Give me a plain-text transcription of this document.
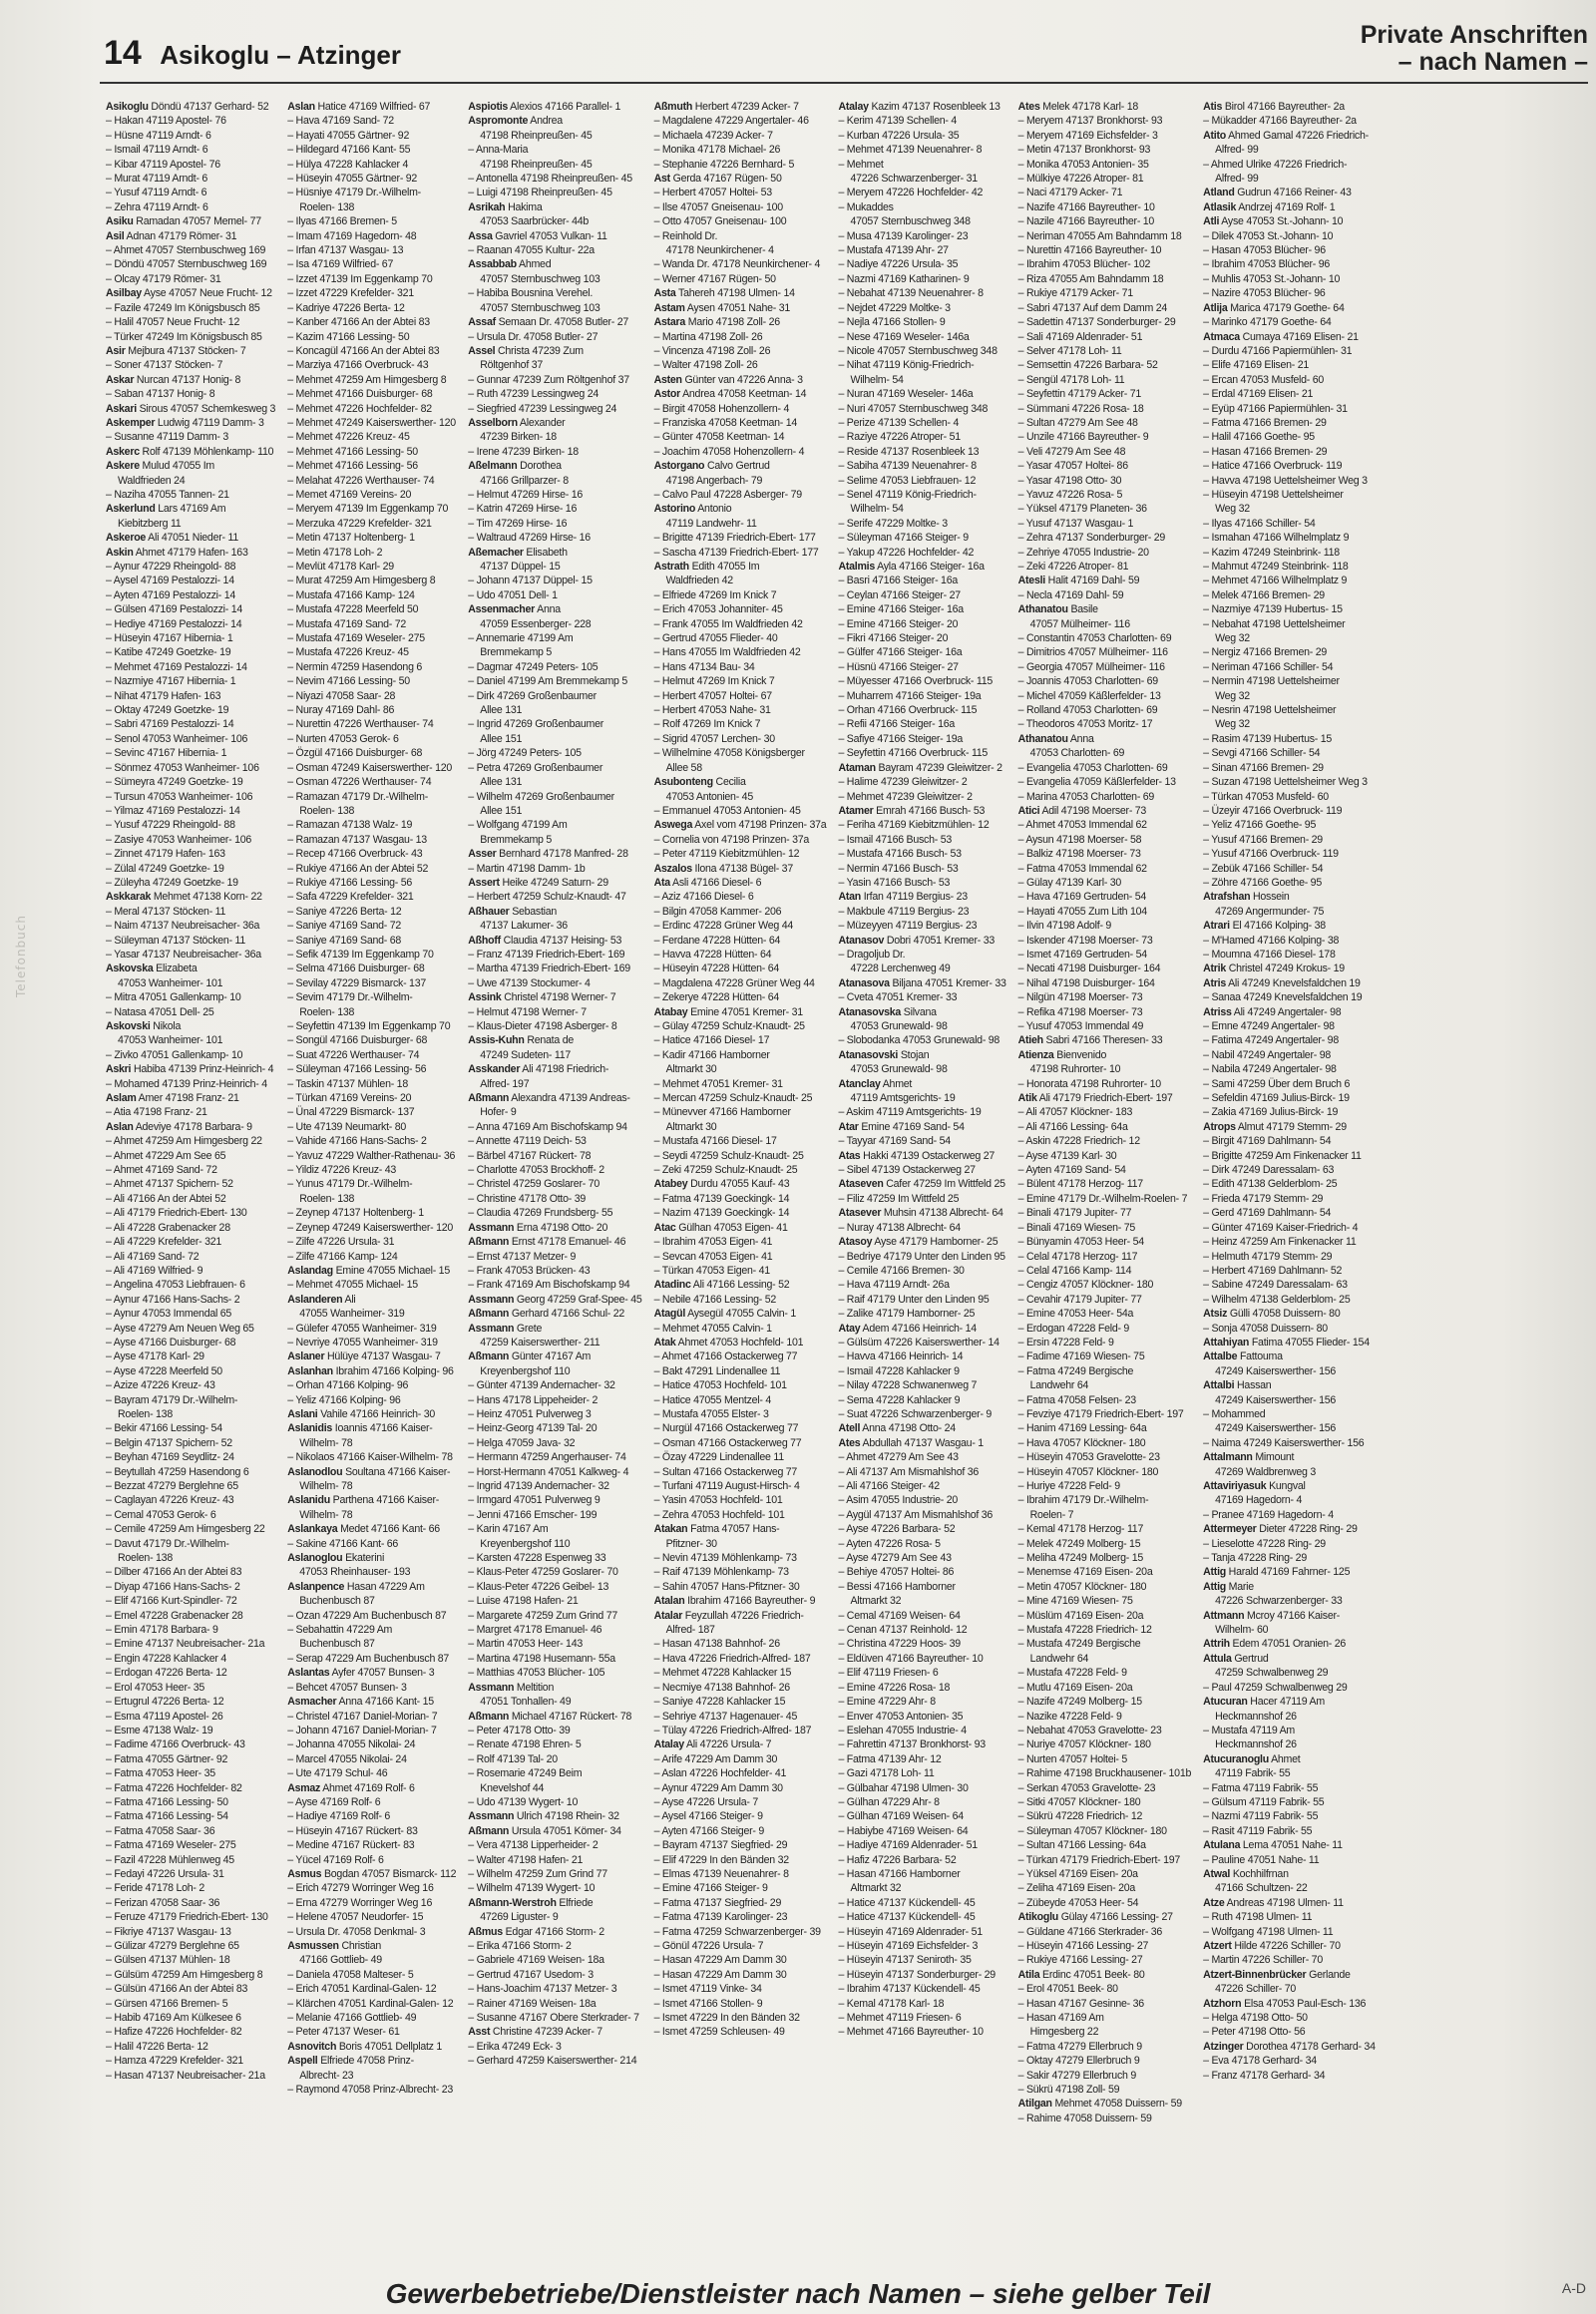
14 Asikoglu – Atzinger
Private Anschriften
– nach Namen –
Telefonbuch
Asikoglu Döndü 47137 Gerhard- 52
– Hakan 47119 Apostel- 76
– Hüsne 47119 Arndt- 6
– Ismail 47119 Arndt- 6
– Kibar 47119 Apostel- 76
– Murat 47119 Arndt- 6
– Yusuf 47119 Arndt- 6
– Zehra 47119 Arndt- 6
Asiku Ramadan 47057 Memel- 77
Asil Adnan 47179 Römer- 31
– Ahmet 47057 Sternbuschweg 169
– Döndü 47057 Sternbuschweg 169
– Olcay 47179 Römer- 31
Asilbay Ayse 47057 Neue Frucht- 12
– Fazile 47249 Im Königsbusch 85
– Halil 47057 Neue Frucht- 12
– Türker 47249 Im Königsbusch 85
Asir Mejbura 47137 Stöcken- 7
– Soner 47137 Stöcken- 7
Askar Nurcan 47137 Honig- 8
– Saban 47137 Honig- 8
Askari Sirous 47057 Schemkesweg 3
Askemper Ludwig 47119 Damm- 3
– Susanne 47119 Damm- 3
Askerc Rolf 47139 Möhlenkamp- 110
Askere Mulud 47055 Im
Waldfrieden 24
– Naziha 47055 Tannen- 21
Askerlund Lars 47169 Am
Kiebitzberg 11
Askeroe Ali 47051 Nieder- 11
Askin Ahmet 47179 Hafen- 163
– Aynur 47229 Rheingold- 88
– Aysel 47169 Pestalozzi- 14
– Ayten 47169 Pestalozzi- 14
– Gülsen 47169 Pestalozzi- 14
– Hediye 47169 Pestalozzi- 14
– Hüseyin 47167 Hibernia- 1
– Katibe 47249 Goetzke- 19
– Mehmet 47169 Pestalozzi- 14
– Nazmiye 47167 Hibernia- 1
– Nihat 47179 Hafen- 163
– Oktay 47249 Goetzke- 19
– Sabri 47169 Pestalozzi- 14
– Senol 47053 Wanheimer- 106
– Sevinc 47167 Hibernia- 1
– Sönmez 47053 Wanheimer- 106
– Sümeyra 47249 Goetzke- 19
– Tursun 47053 Wanheimer- 106
– Yilmaz 47169 Pestalozzi- 14
– Yusuf 47229 Rheingold- 88
– Zasiye 47053 Wanheimer- 106
– Zinnet 47179 Hafen- 163
– Zülal 47249 Goetzke- 19
– Züleyha 47249 Goetzke- 19
Askkarak Mehmet 47138 Korn- 22
– Meral 47137 Stöcken- 11
– Naim 47137 Neubreisacher- 36a
– Süleyman 47137 Stöcken- 11
– Yasar 47137 Neubreisacher- 36a
Askovska Elizabeta
47053 Wanheimer- 101
– Mitra 47051 Gallenkamp- 10
– Natasa 47051 Dell- 25
Askovski Nikola
47053 Wanheimer- 101
– Zivko 47051 Gallenkamp- 10
Askri Habiba 47139 Prinz-Heinrich- 4
– Mohamed 47139 Prinz-Heinrich- 4
Aslam Amer 47198 Franz- 21
– Atia 47198 Franz- 21
Aslan Adeviye 47178 Barbara- 9
– Ahmet 47259 Am Himgesberg 22
– Ahmet 47229 Am See 65
– Ahmet 47169 Sand- 72
– Ahmet 47137 Spichern- 52
– Ali 47166 An der Abtei 52
– Ali 47179 Friedrich-Ebert- 130
– Ali 47228 Grabenacker 28
– Ali 47229 Krefelder- 321
– Ali 47169 Sand- 72
– Ali 47169 Wilfried- 9
– Angelina 47053 Liebfrauen- 6
– Aynur 47166 Hans-Sachs- 2
– Aynur 47053 Immendal 65
– Ayse 47279 Am Neuen Weg 65
– Ayse 47166 Duisburger- 68
– Ayse 47178 Karl- 29
– Ayse 47228 Meerfeld 50
– Azize 47226 Kreuz- 43
– Bayram 47179 Dr.-Wilhelm-
Roelen- 138
– Bekir 47166 Lessing- 54
– Belgin 47137 Spichern- 52
– Beyhan 47169 Seydlitz- 24
– Beytullah 47259 Hasendong 6
– Bezzat 47279 Berglehne 65
– Caglayan 47226 Kreuz- 43
– Cemal 47053 Gerok- 6
– Cemile 47259 Am Himgesberg 22
– Davut 47179 Dr.-Wilhelm-
Roelen- 138
– Dilber 47166 An der Abtei 83
– Diyap 47166 Hans-Sachs- 2
– Elif 47166 Kurt-Spindler- 72
– Emel 47228 Grabenacker 28
– Emin 47178 Barbara- 9
– Emine 47137 Neubreisacher- 21a
– Engin 47228 Kahlacker 4
– Erdogan 47226 Berta- 12
– Erol 47053 Heer- 35
– Ertugrul 47226 Berta- 12
– Esma 47119 Apostel- 26
– Esme 47138 Walz- 19
– Fadime 47166 Overbruck- 43
– Fatma 47055 Gärtner- 92
– Fatma 47053 Heer- 35
– Fatma 47226 Hochfelder- 82
– Fatma 47166 Lessing- 50
– Fatma 47166 Lessing- 54
– Fatma 47058 Saar- 36
– Fatma 47169 Weseler- 275
– Fazil 47228 Mühlenweg 45
– Fedayi 47226 Ursula- 31
– Feride 47178 Loh- 2
– Ferizan 47058 Saar- 36
– Feruze 47179 Friedrich-Ebert- 130
– Fikriye 47137 Wasgau- 13
– Gülizar 47279 Berglehne 65
– Gülsen 47137 Mühlen- 18
– Gülsüm 47259 Am Himgesberg 8
– Gülsün 47166 An der Abtei 83
– Gürsen 47166 Bremen- 5
– Habib 47169 Am Külkesee 6
– Hafize 47226 Hochfelder- 82
– Halil 47226 Berta- 12
– Hamza 47229 Krefelder- 321
– Hasan 47137 Neubreisacher- 21a
Aslan Hatice 47169 Wilfried- 67
– Hava 47169 Sand- 72
– Hayati 47055 Gärtner- 92
– Hildegard 47166 Kant- 55
– Hülya 47228 Kahlacker 4
– Hüseyin 47055 Gärtner- 92
– Hüsniye 47179 Dr.-Wilhelm-
Roelen- 138
– Ilyas 47166 Bremen- 5
– Imam 47169 Hagedorn- 48
– Irfan 47137 Wasgau- 13
– Isa 47169 Wilfried- 67
– Izzet 47139 Im Eggenkamp 70
– Izzet 47229 Krefelder- 321
– Kadriye 47226 Berta- 12
– Kanber 47166 An der Abtei 83
– Kazim 47166 Lessing- 50
– Koncagül 47166 An der Abtei 83
– Marziya 47166 Overbruck- 43
– Mehmet 47259 Am Himgesberg 8
– Mehmet 47166 Duisburger- 68
– Mehmet 47226 Hochfelder- 82
– Mehmet 47249 Kaiserswerther- 120
– Mehmet 47226 Kreuz- 45
– Mehmet 47166 Lessing- 50
– Mehmet 47166 Lessing- 56
– Melahat 47226 Werthauser- 74
– Memet 47169 Vereins- 20
– Meryem 47139 Im Eggenkamp 70
– Merzuka 47229 Krefelder- 321
– Metin 47137 Holtenberg- 1
– Metin 47178 Loh- 2
– Mevlüt 47178 Karl- 29
– Murat 47259 Am Himgesberg 8
– Mustafa 47166 Kamp- 124
– Mustafa 47228 Meerfeld 50
– Mustafa 47169 Sand- 72
– Mustafa 47169 Weseler- 275
– Mustafa 47226 Kreuz- 45
– Nermin 47259 Hasendong 6
– Nevim 47166 Lessing- 50
– Niyazi 47058 Saar- 28
– Nuray 47169 Dahl- 86
– Nurettin 47226 Werthauser- 74
– Nurten 47053 Gerok- 6
– Özgül 47166 Duisburger- 68
– Osman 47249 Kaiserswerther- 120
– Osman 47226 Werthauser- 74
– Ramazan 47179 Dr.-Wilhelm-
Roelen- 138
– Ramazan 47138 Walz- 19
– Ramazan 47137 Wasgau- 13
– Recep 47166 Overbruck- 43
– Rukiye 47166 An der Abtei 52
– Rukiye 47166 Lessing- 56
– Safa 47229 Krefelder- 321
– Saniye 47226 Berta- 12
– Saniye 47169 Sand- 72
– Saniye 47169 Sand- 68
– Sefik 47139 Im Eggenkamp 70
– Selma 47166 Duisburger- 68
– Sevilay 47229 Bismarck- 137
– Sevim 47179 Dr.-Wilhelm-
Roelen- 138
– Seyfettin 47139 Im Eggenkamp 70
– Songül 47166 Duisburger- 68
– Suat 47226 Werthauser- 74
– Süleyman 47166 Lessing- 56
– Taskin 47137 Mühlen- 18
– Türkan 47169 Vereins- 20
– Ünal 47229 Bismarck- 137
– Ute 47139 Neumarkt- 80
– Vahide 47166 Hans-Sachs- 2
– Yavuz 47229 Walther-Rathenau- 36
– Yildiz 47226 Kreuz- 43
– Yunus 47179 Dr.-Wilhelm-
Roelen- 138
– Zeynep 47137 Holtenberg- 1
– Zeynep 47249 Kaiserswerther- 120
– Zilfe 47226 Ursula- 31
– Zilfe 47166 Kamp- 124
Aslandag Emine 47055 Michael- 15
– Mehmet 47055 Michael- 15
Aslanderen Ali
47055 Wanheimer- 319
– Gülefer 47055 Wanheimer- 319
– Nevriye 47055 Wanheimer- 319
Aslaner Hülüye 47137 Wasgau- 7
Aslanhan Ibrahim 47166 Kolping- 96
– Orhan 47166 Kolping- 96
– Yeliz 47166 Kolping- 96
Aslani Vahile 47166 Heinrich- 30
Aslanidis Ioannis 47166 Kaiser-
Wilhelm- 78
– Nikolaos 47166 Kaiser-Wilhelm- 78
Aslanodlou Soultana 47166 Kaiser-
Wilhelm- 78
Aslanidu Parthena 47166 Kaiser-
Wilhelm- 78
Aslankaya Medet 47166 Kant- 66
– Sakine 47166 Kant- 66
Aslanoglou Ekaterini
47053 Rheinhauser- 193
Aslanpence Hasan 47229 Am
Buchenbusch 87
– Ozan 47229 Am Buchenbusch 87
– Sebahattin 47229 Am
Buchenbusch 87
– Serap 47229 Am Buchenbusch 87
Aslantas Ayfer 47057 Bunsen- 3
– Behcet 47057 Bunsen- 3
Asmacher Anna 47166 Kant- 15
– Christel 47167 Daniel-Morian- 7
– Johann 47167 Daniel-Morian- 7
– Johanna 47055 Nikolai- 24
– Marcel 47055 Nikolai- 24
– Ute 47179 Schul- 46
Asmaz Ahmet 47169 Rolf- 6
– Ayse 47169 Rolf- 6
– Hadiye 47169 Rolf- 6
– Hüseyin 47167 Rückert- 83
– Medine 47167 Rückert- 83
– Yücel 47169 Rolf- 6
Asmus Bogdan 47057 Bismarck- 112
– Erich 47279 Worringer Weg 16
– Erna 47279 Worringer Weg 16
– Helene 47057 Neudorfer- 15
– Ursula Dr. 47058 Denkmal- 3
Asmussen Christian
47166 Gottlieb- 49
– Daniela 47058 Malteser- 5
– Erich 47051 Kardinal-Galen- 12
– Klärchen 47051 Kardinal-Galen- 12
– Melanie 47166 Gottlieb- 49
– Peter 47137 Weser- 61
Asnovitch Boris 47051 Dellplatz 1
Aspell Elfriede 47058 Prinz-
Albrecht- 23
– Raymond 47058 Prinz-Albrecht- 23
Aspiotis Alexios 47166 Parallel- 1
Aspromonte Andrea
47198 Rheinpreußen- 45
– Anna-Maria
47198 Rheinpreußen- 45
– Antonella 47198 Rheinpreußen- 45
– Luigi 47198 Rheinpreußen- 45
Asrikah Hakima
47053 Saarbrücker- 44b
Assa Gavriel 47053 Vulkan- 11
– Raanan 47055 Kultur- 22a
Assabbab Ahmed
47057 Sternbuschweg 103
– Habiba Bousnina Verehel.
47057 Sternbuschweg 103
Assaf Semaan Dr. 47058 Butler- 27
– Ursula Dr. 47058 Butler- 27
Assel Christa 47239 Zum
Röltgenhof 37
– Gunnar 47239 Zum Röltgenhof 37
– Ruth 47239 Lessingweg 24
– Siegfried 47239 Lessingweg 24
Asselborn Alexander
47239 Birken- 18
– Irene 47239 Birken- 18
Aßelmann Dorothea
47166 Grillparzer- 8
– Helmut 47269 Hirse- 16
– Katrin 47269 Hirse- 16
– Tim 47269 Hirse- 16
– Waltraud 47269 Hirse- 16
Aßemacher Elisabeth
47137 Düppel- 15
– Johann 47137 Düppel- 15
– Udo 47051 Dell- 1
Assenmacher Anna
47059 Essenberger- 228
– Annemarie 47199 Am
Bremmekamp 5
– Dagmar 47249 Peters- 105
– Daniel 47199 Am Bremmekamp 5
– Dirk 47269 Großenbaumer
Allee 131
– Ingrid 47269 Großenbaumer
Allee 151
– Jörg 47249 Peters- 105
– Petra 47269 Großenbaumer
Allee 131
– Wilhelm 47269 Großenbaumer
Allee 151
– Wolfgang 47199 Am
Bremmekamp 5
Asser Bernhard 47178 Manfred- 28
– Martin 47198 Damm- 1b
Assert Heike 47249 Saturn- 29
– Herbert 47259 Schulz-Knaudt- 47
Aßhauer Sebastian
47137 Lakumer- 36
Aßhoff Claudia 47137 Heising- 53
– Franz 47139 Friedrich-Ebert- 169
– Martha 47139 Friedrich-Ebert- 169
– Uwe 47139 Stockumer- 4
Assink Christel 47198 Werner- 7
– Helmut 47198 Werner- 7
– Klaus-Dieter 47198 Asberger- 8
Assis-Kuhn Renata de
47249 Sudeten- 117
Asskander Ali 47198 Friedrich-
Alfred- 197
Aßmann Alexandra 47139 Andreas-
Hofer- 9
– Anna 47169 Am Bischofskamp 94
– Annette 47119 Deich- 53
– Bärbel 47167 Rückert- 78
– Charlotte 47053 Brockhoff- 2
– Christel 47259 Goslarer- 70
– Christine 47178 Otto- 39
– Claudia 47269 Frundsberg- 55
Assmann Erna 47198 Otto- 20
Aßmann Ernst 47178 Emanuel- 46
– Ernst 47137 Metzer- 9
– Frank 47053 Brücken- 43
– Frank 47169 Am Bischofskamp 94
Assmann Georg 47259 Graf-Spee- 45
Aßmann Gerhard 47166 Schul- 22
Assmann Grete
47259 Kaiserswerther- 211
Aßmann Günter 47167 Am
Kreyenbergshof 110
– Günter 47139 Andernacher- 32
– Hans 47178 Lippeheider- 2
– Heinz 47051 Pulverweg 3
– Heinz-Georg 47139 Tal- 20
– Helga 47059 Java- 32
– Hermann 47259 Angerhauser- 74
– Horst-Hermann 47051 Kalkweg- 4
– Ingrid 47139 Andernacher- 32
– Irmgard 47051 Pulverweg 9
– Jenni 47166 Emscher- 199
– Karin 47167 Am
Kreyenbergshof 110
– Karsten 47228 Espenweg 33
– Klaus-Peter 47259 Goslarer- 70
– Klaus-Peter 47226 Geibel- 13
– Luise 47198 Hafen- 21
– Margarete 47259 Zum Grind 77
– Margret 47178 Emanuel- 46
– Martin 47053 Heer- 143
– Martina 47198 Husemann- 55a
– Matthias 47053 Blücher- 105
Assmann Meltition
47051 Tonhallen- 49
Aßmann Michael 47167 Rückert- 78
– Peter 47178 Otto- 39
– Renate 47198 Ehren- 5
– Rolf 47139 Tal- 20
– Rosemarie 47249 Beim
Knevelshof 44
– Udo 47139 Wygert- 10
Assmann Ulrich 47198 Rhein- 32
Aßmann Ursula 47051 Kömer- 34
– Vera 47138 Lipperheider- 2
– Walter 47198 Hafen- 21
– Wilhelm 47259 Zum Grind 77
– Wilhelm 47139 Wygert- 10
Aßmann-Werstroh Elfriede
47269 Liguster- 9
Aßmus Edgar 47166 Storm- 2
– Erika 47166 Storm- 2
– Gabriele 47169 Weisen- 18a
– Gertrud 47167 Usedom- 3
– Hans-Joachim 47137 Metzer- 3
– Rainer 47169 Weisen- 18a
– Susanne 47167 Obere Sterkrader- 7
Asst Christine 47239 Acker- 7
– Erika 47249 Eck- 3
– Gerhard 47259 Kaiserswerther- 214
Aßmuth Herbert 47239 Acker- 7
– Magdalene 47229 Angertaler- 46
– Michaela 47239 Acker- 7
– Monika 47178 Michael- 26
– Stephanie 47226 Bernhard- 5
Ast Gerda 47167 Rügen- 50
– Herbert 47057 Holtei- 53
– Ilse 47057 Gneisenau- 100
– Otto 47057 Gneisenau- 100
– Reinhold Dr.
47178 Neunkirchener- 4
– Wanda Dr. 47178 Neunkirchener- 4
– Werner 47167 Rügen- 50
Asta Tahereh 47198 Ulmen- 14
Astam Aysen 47051 Nahe- 31
Astara Mario 47198 Zoll- 26
– Martina 47198 Zoll- 26
– Vincenza 47198 Zoll- 26
– Walter 47198 Zoll- 26
Asten Günter van 47226 Anna- 3
Astor Andrea 47058 Keetman- 14
– Birgit 47058 Hohenzollern- 4
– Franziska 47058 Keetman- 14
– Günter 47058 Keetman- 14
– Joachim 47058 Hohenzollern- 4
Astorgano Calvo Gertrud
47198 Angerbach- 79
– Calvo Paul 47228 Asberger- 79
Astorino Antonio
47119 Landwehr- 11
– Brigitte 47139 Friedrich-Ebert- 177
– Sascha 47139 Friedrich-Ebert- 177
Astrath Edith 47055 Im
Waldfrieden 42
– Elfriede 47269 Im Knick 7
– Erich 47053 Johanniter- 45
– Frank 47055 Im Waldfrieden 42
– Gertrud 47055 Flieder- 40
– Hans 47055 Im Waldfrieden 42
– Hans 47134 Bau- 34
– Helmut 47269 Im Knick 7
– Herbert 47057 Holtei- 67
– Herbert 47053 Nahe- 31
– Rolf 47269 Im Knick 7
– Sigrid 47057 Lerchen- 30
– Wilhelmine 47058 Königsberger
Allee 58
Asubonteng Cecilia
47053 Antonien- 45
– Emmanuel 47053 Antonien- 45
Aswega Axel vom 47198 Prinzen- 37a
– Cornelia von 47198 Prinzen- 37a
– Peter 47119 Kiebitzmühlen- 12
Aszalos Ilona 47138 Bügel- 37
Ata Asli 47166 Diesel- 6
– Aziz 47166 Diesel- 6
– Bilgin 47058 Kammer- 206
– Erdinc 47228 Grüner Weg 44
– Ferdane 47228 Hütten- 64
– Havva 47228 Hütten- 64
– Hüseyin 47228 Hütten- 64
– Magdalena 47228 Grüner Weg 44
– Zekerye 47228 Hütten- 64
Atabay Emine 47051 Kremer- 31
– Gülay 47259 Schulz-Knaudt- 25
– Hatice 47166 Diesel- 17
– Kadir 47166 Hamborner
Altmarkt 30
– Mehmet 47051 Kremer- 31
– Mercan 47259 Schulz-Knaudt- 25
– Münevver 47166 Hamborner
Altmarkt 30
– Mustafa 47166 Diesel- 17
– Seydi 47259 Schulz-Knaudt- 25
– Zeki 47259 Schulz-Knaudt- 25
Atabey Durdu 47055 Kauf- 43
– Fatma 47139 Goeckingk- 14
– Nazim 47139 Goeckingk- 14
Atac Gülhan 47053 Eigen- 41
– Ibrahim 47053 Eigen- 41
– Sevcan 47053 Eigen- 41
– Türkan 47053 Eigen- 41
Atadinc Ali 47166 Lessing- 52
– Nebile 47166 Lessing- 52
Atagül Aysegül 47055 Calvin- 1
– Mehmet 47055 Calvin- 1
Atak Ahmet 47053 Hochfeld- 101
– Ahmet 47166 Ostackerweg 77
– Bakt 47291 Lindenallee 11
– Hatice 47053 Hochfeld- 101
– Hatice 47055 Mentzel- 4
– Mustafa 47055 Elster- 3
– Nurgül 47166 Ostackerweg 77
– Osman 47166 Ostackerweg 77
– Özay 47229 Lindenallee 11
– Sultan 47166 Ostackerweg 77
– Turfani 47119 August-Hirsch- 4
– Yasin 47053 Hochfeld- 101
– Zehra 47053 Hochfeld- 101
Atakan Fatma 47057 Hans-
Pfitzner- 30
– Nevin 47139 Möhlenkamp- 73
– Raif 47139 Möhlenkamp- 73
– Sahin 47057 Hans-Pfitzner- 30
Atalan Ibrahim 47166 Bayreuther- 9
Atalar Feyzullah 47226 Friedrich-
Alfred- 187
– Hasan 47138 Bahnhof- 26
– Hava 47226 Friedrich-Alfred- 187
– Mehmet 47228 Kahlacker 15
– Necmiye 47138 Bahnhof- 26
– Saniye 47228 Kahlacker 15
– Sehriye 47137 Hagenauer- 45
– Tülay 47226 Friedrich-Alfred- 187
Atalay Ali 47226 Ursula- 7
– Arife 47229 Am Damm 30
– Aslan 47226 Hochfelder- 41
– Aynur 47229 Am Damm 30
– Ayse 47226 Ursula- 7
– Aysel 47166 Steiger- 9
– Ayten 47166 Steiger- 9
– Bayram 47137 Siegfried- 29
– Elif 47229 In den Bänden 32
– Elmas 47139 Neuenahrer- 8
– Emine 47166 Steiger- 9
– Fatma 47137 Siegfried- 29
– Fatma 47139 Karolinger- 23
– Fatma 47259 Schwarzenberger- 39
– Gönül 47226 Ursula- 7
– Hasan 47229 Am Damm 30
– Hasan 47229 Am Damm 30
– Ismet 47119 Vinke- 34
– Ismet 47166 Stollen- 9
– Ismet 47229 In den Bänden 32
– Ismet 47259 Schleusen- 49
Atalay Kazim 47137 Rosenbleek 13
– Kerim 47139 Schellen- 4
– Kurban 47226 Ursula- 35
– Mehmet 47139 Neuenahrer- 8
– Mehmet
47226 Schwarzenberger- 31
– Meryem 47226 Hochfelder- 42
– Mukaddes
47057 Sternbuschweg 348
– Musa 47139 Karolinger- 23
– Mustafa 47139 Ahr- 27
– Nadiye 47226 Ursula- 35
– Nazmi 47169 Katharinen- 9
– Nebahat 47139 Neuenahrer- 8
– Nejdet 47229 Moltke- 3
– Nejla 47166 Stollen- 9
– Nese 47169 Weseler- 146a
– Nicole 47057 Sternbuschweg 348
– Nihat 47119 König-Friedrich-
Wilhelm- 54
– Nuran 47169 Weseler- 146a
– Nuri 47057 Sternbuschweg 348
– Perize 47139 Schellen- 4
– Raziye 47226 Atroper- 51
– Reside 47137 Rosenbleek 13
– Sabiha 47139 Neuenahrer- 8
– Selime 47053 Liebfrauen- 12
– Senel 47119 König-Friedrich-
Wilhelm- 54
– Serife 47229 Moltke- 3
– Süleyman 47166 Steiger- 9
– Yakup 47226 Hochfelder- 42
Atalmis Ayla 47166 Steiger- 16a
– Basri 47166 Steiger- 16a
– Ceylan 47166 Steiger- 27
– Emine 47166 Steiger- 16a
– Emine 47166 Steiger- 20
– Fikri 47166 Steiger- 20
– Gülfer 47166 Steiger- 16a
– Hüsnü 47166 Steiger- 27
– Müyesser 47166 Overbruck- 115
– Muharrem 47166 Steiger- 19a
– Orhan 47166 Overbruck- 115
– Refii 47166 Steiger- 16a
– Safiye 47166 Steiger- 19a
– Seyfettin 47166 Overbruck- 115
Ataman Bayram 47239 Gleiwitzer- 2
– Halime 47239 Gleiwitzer- 2
– Mehmet 47239 Gleiwitzer- 2
Atamer Emrah 47166 Busch- 53
– Feriha 47169 Kiebitzmühlen- 12
– Ismail 47166 Busch- 53
– Mustafa 47166 Busch- 53
– Nermin 47166 Busch- 53
– Yasin 47166 Busch- 53
Atan Irfan 47119 Bergius- 23
– Makbule 47119 Bergius- 23
– Müzeyyen 47119 Bergius- 23
Atanasov Dobri 47051 Kremer- 33
– Dragoljub Dr.
47228 Lerchenweg 49
Atanasova Biljana 47051 Kremer- 33
– Cveta 47051 Kremer- 33
Atanasovska Silvana
47053 Grunewald- 98
– Slobodanka 47053 Grunewald- 98
Atanasovski Stojan
47053 Grunewald- 98
Atanclay Ahmet
47119 Amtsgerichts- 19
– Askim 47119 Amtsgerichts- 19
Atar Emine 47169 Sand- 54
– Tayyar 47169 Sand- 54
Atas Hakki 47139 Ostackerweg 27
– Sibel 47139 Ostackerweg 27
Ataseven Cafer 47259 Im Wittfeld 25
– Filiz 47259 Im Wittfeld 25
Atasever Muhsin 47138 Albrecht- 64
– Nuray 47138 Albrecht- 64
Atasoy Ayse 47179 Hamborner- 25
– Bedriye 47179 Unter den Linden 95
– Cemile 47166 Bremen- 30
– Hava 47119 Arndt- 26a
– Raif 47179 Unter den Linden 95
– Zalike 47179 Hamborner- 25
Atay Adem 47166 Heinrich- 14
– Gülsüm 47226 Kaiserswerther- 14
– Havva 47166 Heinrich- 14
– Ismail 47228 Kahlacker 9
– Nilay 47228 Schwanenweg 7
– Sema 47228 Kahlacker 9
– Suat 47226 Schwarzenberger- 9
Atell Anna 47198 Otto- 24
Ates Abdullah 47137 Wasgau- 1
– Ahmet 47279 Am See 43
– Ali 47137 Am Mismahlshof 36
– Ali 47166 Steiger- 42
– Asim 47055 Industrie- 20
– Aygül 47137 Am Mismahlshof 36
– Ayse 47226 Barbara- 52
– Ayten 47226 Rosa- 5
– Ayse 47279 Am See 43
– Behiye 47057 Holtei- 86
– Bessi 47166 Hamborner
Altmarkt 32
– Cemal 47169 Weisen- 64
– Cenan 47137 Reinhold- 12
– Christina 47229 Hoos- 39
– Eldüven 47166 Bayreuther- 10
– Elif 47119 Friesen- 6
– Emine 47226 Rosa- 18
– Emine 47229 Ahr- 8
– Enver 47053 Antonien- 35
– Eslehan 47055 Industrie- 4
– Fahrettin 47137 Bronkhorst- 93
– Fatma 47139 Ahr- 12
– Gazi 47178 Loh- 11
– Gülbahar 47198 Ulmen- 30
– Gülhan 47229 Ahr- 8
– Gülhan 47169 Weisen- 64
– Habiybe 47169 Weisen- 64
– Hadiye 47169 Aldenrader- 51
– Hafiz 47226 Barbara- 52
– Hasan 47166 Hamborner
Altmarkt 32
– Hatice 47137 Kückendell- 45
– Hatice 47137 Kückendell- 45
– Hüseyin 47169 Aldenrader- 51
– Hüseyin 47169 Eichsfelder- 3
– Hüseyin 47137 Seniroth- 35
– Hüseyin 47137 Sonderburger- 29
– Ibrahim 47137 Kückendell- 45
– Kemal 47178 Karl- 18
– Mehmet 47119 Friesen- 6
– Mehmet 47166 Bayreuther- 10
Ates Melek 47178 Karl- 18
– Meryem 47137 Bronkhorst- 93
– Meryem 47169 Eichsfelder- 3
– Metin 47137 Bronkhorst- 93
– Monika 47053 Antonien- 35
– Mülkiye 47226 Atroper- 81
– Naci 47179 Acker- 71
– Nazife 47166 Bayreuther- 10
– Nazile 47166 Bayreuther- 10
– Neriman 47055 Am Bahndamm 18
– Nurettin 47166 Bayreuther- 10
– Ibrahim 47053 Blücher- 102
– Riza 47055 Am Bahndamm 18
– Rukiye 47179 Acker- 71
– Sabri 47137 Auf dem Damm 24
– Sadettin 47137 Sonderburger- 29
– Sali 47169 Aldenrader- 51
– Selver 47178 Loh- 11
– Semsettin 47226 Barbara- 52
– Sengül 47178 Loh- 11
– Seyfettin 47179 Acker- 71
– Sümmani 47226 Rosa- 18
– Sultan 47279 Am See 48
– Unzile 47166 Bayreuther- 9
– Veli 47279 Am See 48
– Yasar 47057 Holtei- 86
– Yasar 47198 Otto- 30
– Yavuz 47226 Rosa- 5
– Yüksel 47179 Planeten- 36
– Yusuf 47137 Wasgau- 1
– Zehra 47137 Sonderburger- 29
– Zehriye 47055 Industrie- 20
– Zeki 47226 Atroper- 81
Atesli Halit 47169 Dahl- 59
– Necla 47169 Dahl- 59
Athanatou Basile
47057 Mülheimer- 116
– Constantin 47053 Charlotten- 69
– Dimitrios 47057 Mülheimer- 116
– Georgia 47057 Mülheimer- 116
– Joannis 47053 Charlotten- 69
– Michel 47059 Käßlerfelder- 13
– Rolland 47053 Charlotten- 69
– Theodoros 47053 Moritz- 17
Athanatou Anna
47053 Charlotten- 69
– Evangelia 47053 Charlotten- 69
– Evangelia 47059 Käßlerfelder- 13
– Marina 47053 Charlotten- 69
Atici Adil 47198 Moerser- 73
– Ahmet 47053 Immendal 62
– Aysun 47198 Moerser- 58
– Balkiz 47198 Moerser- 73
– Fatma 47053 Immendal 62
– Gülay 47139 Karl- 30
– Hava 47169 Gertruden- 54
– Hayati 47055 Zum Lith 104
– Ilvin 47198 Adolf- 9
– Iskender 47198 Moerser- 73
– Ismet 47169 Gertruden- 54
– Necati 47198 Duisburger- 164
– Nihal 47198 Duisburger- 164
– Nilgün 47198 Moerser- 73
– Refika 47198 Moerser- 73
– Yusuf 47053 Immendal 49
Atieh Sabri 47166 Theresen- 33
Atienza Bienvenido
47198 Ruhrorter- 10
– Honorata 47198 Ruhrorter- 10
Atik Ali 47179 Friedrich-Ebert- 197
– Ali 47057 Klöckner- 183
– Ali 47166 Lessing- 64a
– Askin 47228 Friedrich- 12
– Ayse 47139 Karl- 30
– Ayten 47169 Sand- 54
– Bülent 47178 Herzog- 117
– Emine 47179 Dr.-Wilhelm-Roelen- 7
– Binali 47179 Jupiter- 77
– Binali 47169 Wiesen- 75
– Bünyamin 47053 Heer- 54
– Celal 47178 Herzog- 117
– Celal 47166 Kamp- 114
– Cengiz 47057 Klöckner- 180
– Cevahir 47179 Jupiter- 77
– Emine 47053 Heer- 54a
– Erdogan 47228 Feld- 9
– Ersin 47228 Feld- 9
– Fadime 47169 Wiesen- 75
– Fatma 47249 Bergische
Landwehr 64
– Fatma 47058 Felsen- 23
– Fevziye 47179 Friedrich-Ebert- 197
– Hanim 47169 Lessing- 64a
– Hava 47057 Klöckner- 180
– Hüseyin 47053 Gravelotte- 23
– Hüseyin 47057 Klöckner- 180
– Huriye 47228 Feld- 9
– Ibrahim 47179 Dr.-Wilhelm-
Roelen- 7
– Kemal 47178 Herzog- 117
– Melek 47249 Molberg- 15
– Meliha 47249 Molberg- 15
– Menemse 47169 Eisen- 20a
– Metin 47057 Klöckner- 180
– Mine 47169 Wiesen- 75
– Müslüm 47169 Eisen- 20a
– Mustafa 47228 Friedrich- 12
– Mustafa 47249 Bergische
Landwehr 64
– Mustafa 47228 Feld- 9
– Mutlu 47169 Eisen- 20a
– Nazife 47249 Molberg- 15
– Nazike 47228 Feld- 9
– Nebahat 47053 Gravelotte- 23
– Nuriye 47057 Klöckner- 180
– Nurten 47057 Holtei- 5
– Rahime 47198 Bruckhausener- 101b
– Serkan 47053 Gravelotte- 23
– Sitki 47057 Klöckner- 180
– Sükrü 47228 Friedrich- 12
– Süleyman 47057 Klöckner- 180
– Sultan 47166 Lessing- 64a
– Türkan 47179 Friedrich-Ebert- 197
– Yüksel 47169 Eisen- 20a
– Zeliha 47169 Eisen- 20a
– Zübeyde 47053 Heer- 54
Atikoglu Gülay 47166 Lessing- 27
– Güldane 47166 Sterkrader- 36
– Hüseyin 47166 Lessing- 27
– Rukiye 47166 Lessing- 27
Atila Erdinc 47051 Beek- 80
– Erol 47051 Beek- 80
– Hasan 47167 Gesinne- 36
– Hasan 47169 Am
Himgesberg 22
– Fatma 47279 Ellerbruch 9
– Oktay 47279 Ellerbruch 9
– Sakir 47279 Ellerbruch 9
– Sükrü 47198 Zoll- 59
Atilgan Mehmet 47058 Duissern- 59
– Rahime 47058 Duissern- 59
Atis Birol 47166 Bayreuther- 2a
– Mükadder 47166 Bayreuther- 2a
Atito Ahmed Gamal 47226 Friedrich-
Alfred- 99
– Ahmed Ulrike 47226 Friedrich-
Alfred- 99
Atland Gudrun 47166 Reiner- 43
Atlasik Andrzej 47169 Rolf- 1
Atli Ayse 47053 St.-Johann- 10
– Dilek 47053 St.-Johann- 10
– Hasan 47053 Blücher- 96
– Ibrahim 47053 Blücher- 96
– Muhlis 47053 St.-Johann- 10
– Nazire 47053 Blücher- 96
Atlija Marica 47179 Goethe- 64
– Marinko 47179 Goethe- 64
Atmaca Cumaya 47169 Elisen- 21
– Durdu 47166 Papiermühlen- 31
– Elife 47169 Elisen- 21
– Ercan 47053 Musfeld- 60
– Erdal 47169 Elisen- 21
– Eyüp 47166 Papiermühlen- 31
– Fatma 47166 Bremen- 29
– Halil 47166 Goethe- 95
– Hasan 47166 Bremen- 29
– Hatice 47166 Overbruck- 119
– Havva 47198 Uettelsheimer Weg 3
– Hüseyin 47198 Uettelsheimer
Weg 32
– Ilyas 47166 Schiller- 54
– Ismahan 47166 Wilhelmplatz 9
– Kazim 47249 Steinbrink- 118
– Mahmut 47249 Steinbrink- 118
– Mehmet 47166 Wilhelmplatz 9
– Melek 47166 Bremen- 29
– Nazmiye 47139 Hubertus- 15
– Nebahat 47198 Uettelsheimer
Weg 32
– Nergiz 47166 Bremen- 29
– Neriman 47166 Schiller- 54
– Nermin 47198 Uettelsheimer
Weg 32
– Nesrin 47198 Uettelsheimer
Weg 32
– Rasim 47139 Hubertus- 15
– Sevgi 47166 Schiller- 54
– Sinan 47166 Bremen- 29
– Suzan 47198 Uettelsheimer Weg 3
– Türkan 47053 Musfeld- 60
– Üzeyir 47166 Overbruck- 119
– Yeliz 47166 Goethe- 95
– Yusuf 47166 Bremen- 29
– Yusuf 47166 Overbruck- 119
– Zebük 47166 Schiller- 54
– Zöhre 47166 Goethe- 95
Atrafshan Hossein
47269 Angermunder- 75
Atrari El 47166 Kolping- 38
– M'Hamed 47166 Kolping- 38
– Moumna 47166 Diesel- 178
Atrik Christel 47249 Krokus- 19
Atris Ali 47249 Knevelsfaldchen 19
– Sanaa 47249 Knevelsfaldchen 19
Atriss Ali 47249 Angertaler- 98
– Emne 47249 Angertaler- 98
– Fatima 47249 Angertaler- 98
– Nabil 47249 Angertaler- 98
– Nabila 47249 Angertaler- 98
– Sami 47259 Über dem Bruch 6
– Sefeldin 47169 Julius-Birck- 19
– Zakia 47169 Julius-Birck- 19
Atrops Almut 47179 Stemm- 29
– Birgit 47169 Dahlmann- 54
– Brigitte 47259 Am Finkenacker 11
– Dirk 47249 Daressalam- 63
– Edith 47138 Gelderblom- 25
– Frieda 47179 Stemm- 29
– Gerd 47169 Dahlmann- 54
– Günter 47169 Kaiser-Friedrich- 4
– Heinz 47259 Am Finkenacker 11
– Helmuth 47179 Stemm- 29
– Herbert 47169 Dahlmann- 52
– Sabine 47249 Daressalam- 63
– Wilhelm 47138 Gelderblom- 25
Atsiz Gülli 47058 Duissern- 80
– Sonja 47058 Duissern- 80
Attahiyan Fatima 47055 Flieder- 154
Attalbe Fattouma
47249 Kaiserswerther- 156
Attalbi Hassan
47249 Kaiserswerther- 156
– Mohammed
47249 Kaiserswerther- 156
– Naima 47249 Kaiserswerther- 156
Attalmann Mimount
47269 Waldbrenweg 3
Attaviriyasuk Kungval
47169 Hagedorn- 4
– Pranee 47169 Hagedorn- 4
Attermeyer Dieter 47228 Ring- 29
– Lieselotte 47228 Ring- 29
– Tanja 47228 Ring- 29
Attig Harald 47169 Fahrner- 125
Attig Marie
47226 Schwarzenberger- 33
Attmann Mcroy 47166 Kaiser-
Wilhelm- 60
Attrih Edem 47051 Oranien- 26
Attula Gertrud
47259 Schwalbenweg 29
– Paul 47259 Schwalbenweg 29
Atucuran Hacer 47119 Am
Heckmannshof 26
– Mustafa 47119 Am
Heckmannshof 26
Atucuranoglu Ahmet
47119 Fabrik- 55
– Fatma 47119 Fabrik- 55
– Gülsum 47119 Fabrik- 55
– Nazmi 47119 Fabrik- 55
– Rasit 47119 Fabrik- 55
Atulana Lema 47051 Nahe- 11
– Pauline 47051 Nahe- 11
Atwal Kochhilfrnan
47166 Schultzen- 22
Atze Andreas 47198 Ulmen- 11
– Ruth 47198 Ulmen- 11
– Wolfgang 47198 Ulmen- 11
Atzert Hilde 47226 Schiller- 70
– Martin 47226 Schiller- 70
Atzert-Binnenbrücker Gerlande
47226 Schiller- 70
Atzhorn Elsa 47053 Paul-Esch- 136
– Helga 47198 Otto- 50
– Peter 47198 Otto- 56
Atzinger Dorothea 47178 Gerhard- 34
– Eva 47178 Gerhard- 34
– Franz 47178 Gerhard- 34
Gewerbebetriebe/Dienstleister nach Namen – siehe gelber Teil	A-D
